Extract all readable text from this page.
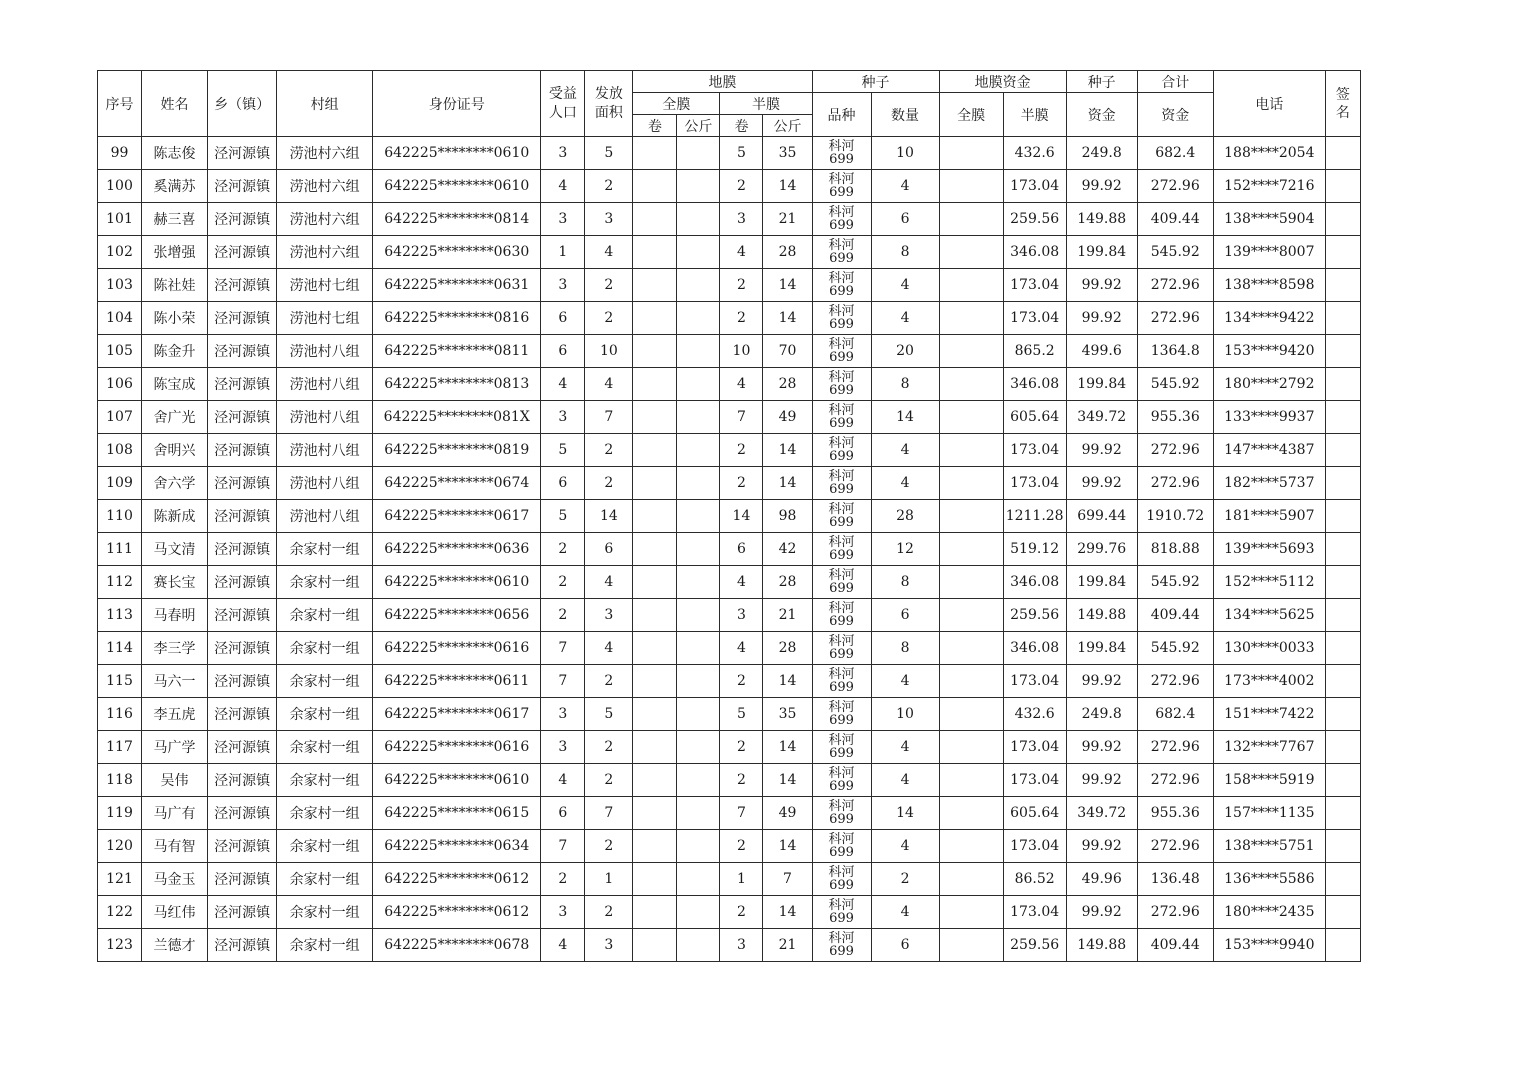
序号	姓名	乡（镇）	村组	身份证号	受益
人口	发放
面积	地膜				种子		地膜资金		种子	合计	电话	签
名

							全膜		半膜		品种	数量	全膜	半膜	资金	资金		
							卷	公斤	卷	公斤								
99	陈志俊	泾河源镇	涝池村六组	642225********0610	3	5			5	35	科河
699	10		432.6	249.8	682.4	188****2054	
100	奚满苏	泾河源镇	涝池村六组	642225********0610	4	2			2	14	科河
699	4		173.04	99.92	272.96	152****7216	
101	赫三喜	泾河源镇	涝池村六组	642225********0814	3	3			3	21	科河
699	6		259.56	149.88	409.44	138****5904	
102	张增强	泾河源镇	涝池村六组	642225********0630	1	4			4	28	科河
699	8		346.08	199.84	545.92	139****8007	
103	陈社娃	泾河源镇	涝池村七组	642225********0631	3	2			2	14	科河
699	4		173.04	99.92	272.96	138****8598	
104	陈小荣	泾河源镇	涝池村七组	642225********0816	6	2			2	14	科河
699	4		173.04	99.92	272.96	134****9422	
105	陈金升	泾河源镇	涝池村八组	642225********0811	6	10			10	70	科河
699	20		865.2	499.6	1364.8	153****9420	
106	陈宝成	泾河源镇	涝池村八组	642225********0813	4	4			4	28	科河
699	8		346.08	199.84	545.92	180****2792	
107	舍广光	泾河源镇	涝池村八组	642225********081X	3	7			7	49	科河
699	14		605.64	349.72	955.36	133****9937	
108	舍明兴	泾河源镇	涝池村八组	642225********0819	5	2			2	14	科河
699	4		173.04	99.92	272.96	147****4387	
109	舍六学	泾河源镇	涝池村八组	642225********0674	6	2			2	14	科河
699	4		173.04	99.92	272.96	182****5737	
110	陈新成	泾河源镇	涝池村八组	642225********0617	5	14			14	98	科河
699	28		1211.28	699.44	1910.72	181****5907	
111	马文清	泾河源镇	余家村一组	642225********0636	2	6			6	42	科河
699	12		519.12	299.76	818.88	139****5693	
112	赛长宝	泾河源镇	余家村一组	642225********0610	2	4			4	28	科河
699	8		346.08	199.84	545.92	152****5112	
113	马春明	泾河源镇	余家村一组	642225********0656	2	3			3	21	科河
699	6		259.56	149.88	409.44	134****5625	
114	李三学	泾河源镇	余家村一组	642225********0616	7	4			4	28	科河
699	8		346.08	199.84	545.92	130****0033	
115	马六一	泾河源镇	余家村一组	642225********0611	7	2			2	14	科河
699	4		173.04	99.92	272.96	173****4002	
116	李五虎	泾河源镇	余家村一组	642225********0617	3	5			5	35	科河
699	10		432.6	249.8	682.4	151****7422	
117	马广学	泾河源镇	余家村一组	642225********0616	3	2			2	14	科河
699	4		173.04	99.92	272.96	132****7767	
118	吴伟	泾河源镇	余家村一组	642225********0610	4	2			2	14	科河
699	4		173.04	99.92	272.96	158****5919	
119	马广有	泾河源镇	余家村一组	642225********0615	6	7			7	49	科河
699	14		605.64	349.72	955.36	157****1135	
120	马有智	泾河源镇	余家村一组	642225********0634	7	2			2	14	科河
699	4		173.04	99.92	272.96	138****5751	
121	马金玉	泾河源镇	余家村一组	642225********0612	2	1			1	7	科河
699	2		86.52	49.96	136.48	136****5586	
122	马红伟	泾河源镇	余家村一组	642225********0612	3	2			2	14	科河
699	4		173.04	99.92	272.96	180****2435	
123	兰德才	泾河源镇	余家村一组	642225********0678	4	3			3	21	科河
699	6		259.56	149.88	409.44	153****9940	
